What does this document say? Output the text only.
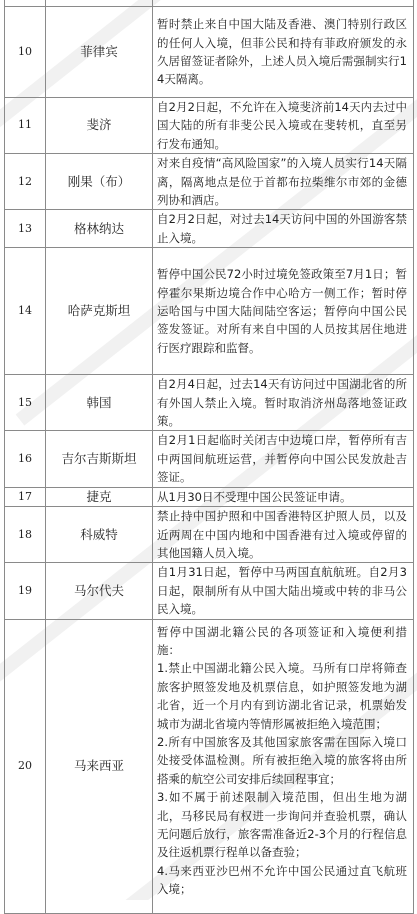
10	菲律宾	暂时禁止来自中国大陆及香港、澳门特别行政区的任何人入境，但菲公民和持有菲政府颁发的永久居留签证者除外，上述人员入境后需强制实行14天隔离。

11	斐济	自2月2日起，不允许在入境斐济前14天内去过中国大陆的所有非斐公民入境或在斐转机，直至另行发布通知。

12	刚果（布）	对来自疫情“高风险国家”的入境人员实行14天隔离，隔离地点是位于首都布拉柴维尔市郊的金德列协和酒店。

13	格林纳达	自2月2日起，对过去14天访问中国的外国游客禁止入境。

14	哈萨克斯坦	暂停中国公民72小时过境免签政策至7月1日；暂停霍尔果斯边境合作中心哈方一侧工作；暂时停运哈国与中国大陆间陆空客运；暂停向中国公民签发签证。对所有来自中国的人员按其居住地进行医疗跟踪和监督。

15	韩国	自2月4日起，过去14天有访问过中国湖北省的所有外国人禁止入境。暂时取消济州岛落地签证政策。

16	吉尔吉斯斯坦	自2月1日起临时关闭吉中边境口岸，暂停所有吉中两国间航班运营，并暂停向中国公民发放赴吉签证。

17	捷克	从1月30日不受理中国公民签证申请。

18	科威特	禁止持中国护照和中国香港特区护照人员，以及近两周在中国内地和中国香港有过入境或停留的其他国籍人员入境。

19	马尔代夫	自1月31日起，暂停中马两国直航航班。自2月3日起，限制所有从中国大陆出境或中转的非马公民入境。

20	马来西亚	暂停中国湖北籍公民的各项签证和入境便利措施：
1.禁止中国湖北籍公民入境。马所有口岸将筛查旅客护照签发地及机票信息，如护照签发地为湖北省，近一个月内有到访湖北省记录，机票始发城市为湖北省境内等情形属被拒绝入境范围；
2.所有中国旅客及其他国家旅客需在国际入境口处接受体温检测。所有被拒绝入境的旅客将由所搭乘的航空公司安排后续回程事宜；
3.如不属于前述限制入境范围，但出生地为湖北，马移民局有权进一步询问并查验机票，确认无问题后放行，旅客需准备近2-3个月的行程信息及往返机票行程单以备查验；
4.马来西亚沙巴州不允许中国公民通过直飞航班入境；
